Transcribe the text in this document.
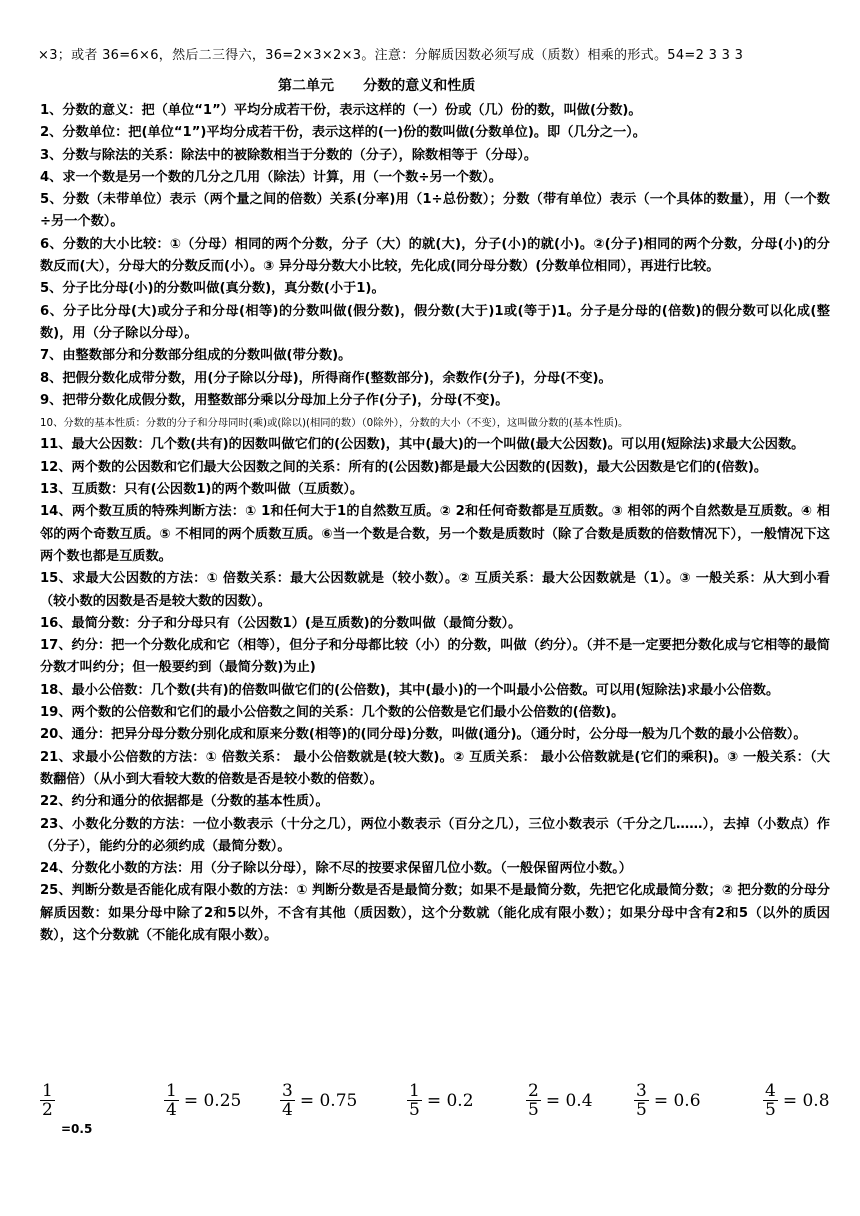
×3；或者 36=6×6，然后二三得六，36=2×3×2×3。注意：分解质因数必须写成（质数）相乘的形式。54=2 3 3 3
第二单元      分数的意义和性质

1、分数的意义：把（单位“1”）平均分成若干份，表示这样的（一）份或（几）份的数，叫做(分数)。

2、分数单位：把(单位“1”)平均分成若干份，表示这样的(一)份的数叫做(分数单位)。即（几分之一）。

3、分数与除法的关系：除法中的被除数相当于分数的（分子），除数相等于（分母）。

4、求一个数是另一个数的几分之几用（除法）计算，用（一个数÷另一个数）。

5、分数（未带单位）表示（两个量之间的倍数）关系(分率)用（1÷总份数）；分数（带有单位）表示（一个具体的数量），用（一个数÷另一个数）。

6、分数的大小比较：①（分母）相同的两个分数，分子（大）的就(大)，分子(小)的就(小)。②(分子)相同的两个分数，分母(小)的分数反而(大），分母大的分数反而(小）。③ 异分母分数大小比较，先化成(同分母分数）(分数单位相同），再进行比较。

5、分子比分母(小)的分数叫做(真分数)，真分数(小于1)。

6、分子比分母(大)或分子和分母(相等)的分数叫做(假分数)，假分数(大于)1或(等于)1。分子是分母的(倍数)的假分数可以化成(整数)，用（分子除以分母）。

7、由整数部分和分数部分组成的分数叫做(带分数)。

8、把假分数化成带分数，用(分子除以分母)，所得商作(整数部分)，余数作(分子)，分母(不变)。

9、把带分数化成假分数，用整数部分乘以分母加上分子作(分子)，分母(不变)。

10、分数的基本性质：分数的分子和分母同时(乘)或(除以)(相同的数）（0除外），分数的大小（不变），这叫做分数的(基本性质)。

11、最大公因数：几个数(共有)的因数叫做它们的(公因数)，其中(最大)的一个叫做(最大公因数)。可以用(短除法)求最大公因数。

12、两个数的公因数和它们最大公因数之间的关系：所有的(公因数)都是最大公因数的(因数)，最大公因数是它们的(倍数)。

13、互质数：只有(公因数1)的两个数叫做（互质数）。

14、两个数互质的特殊判断方法：① 1和任何大于1的自然数互质。② 2和任何奇数都是互质数。③ 相邻的两个自然数是互质数。④ 相邻的两个奇数互质。⑤ 不相同的两个质数互质。⑥当一个数是合数，另一个数是质数时（除了合数是质数的倍数情况下），一般情况下这两个数也都是互质数。

15、求最大公因数的方法：① 倍数关系：最大公因数就是（较小数）。② 互质关系：最大公因数就是（1）。③ 一般关系：从大到小看（较小数的因数是否是较大数的因数）。

16、最简分数：分子和分母只有（公因数1）(是互质数)的分数叫做（最简分数）。

17、约分：把一个分数化成和它（相等），但分子和分母都比较（小）的分数，叫做（约分）。（并不是一定要把分数化成与它相等的最简分数才叫约分；但一般要约到（最简分数)为止)

18、最小公倍数：几个数(共有)的倍数叫做它们的(公倍数)，其中(最小)的一个叫最小公倍数。可以用(短除法)求最小公倍数。

19、两个数的公倍数和它们的最小公倍数之间的关系：几个数的公倍数是它们最小公倍数的(倍数)。

20、通分：把异分母分数分别化成和原来分数(相等)的(同分母)分数，叫做(通分)。（通分时，公分母一般为几个数的最小公倍数）。

21、求最小公倍数的方法：① 倍数关系： 最小公倍数就是(较大数)。② 互质关系： 最小公倍数就是(它们的乘积)。③ 一般关系：（大数翻倍）（从小到大看较大数的倍数是否是较小数的倍数）。

22、约分和通分的依据都是（分数的基本性质）。

23、小数化分数的方法：一位小数表示（十分之几），两位小数表示（百分之几），三位小数表示（千分之几……），去掉（小数点）作（分子），能约分的必须约成（最简分数）。

24、分数化小数的方法：用（分子除以分母），除不尽的按要求保留几位小数。（一般保留两位小数。）

25、判断分数是否能化成有限小数的方法：① 判断分数是否是最简分数；如果不是最简分数，先把它化成最简分数；② 把分数的分母分解质因数：如果分母中除了2和5以外，不含有其他（质因数），这个分数就（能化成有限小数）；如果分母中含有2和5（以外的质因数），这个分数就（不能化成有限小数）。

$\frac{1}{2}$
=0.5
$\frac{1}{4} = 0.25 \frac{3}{4} = 0.75$	$\frac{1}{5} = 0.2$	$\frac{2}{5} = 0.4 \frac{3}{5} = 0.6$	$\frac{4}{5} = 0.8$
